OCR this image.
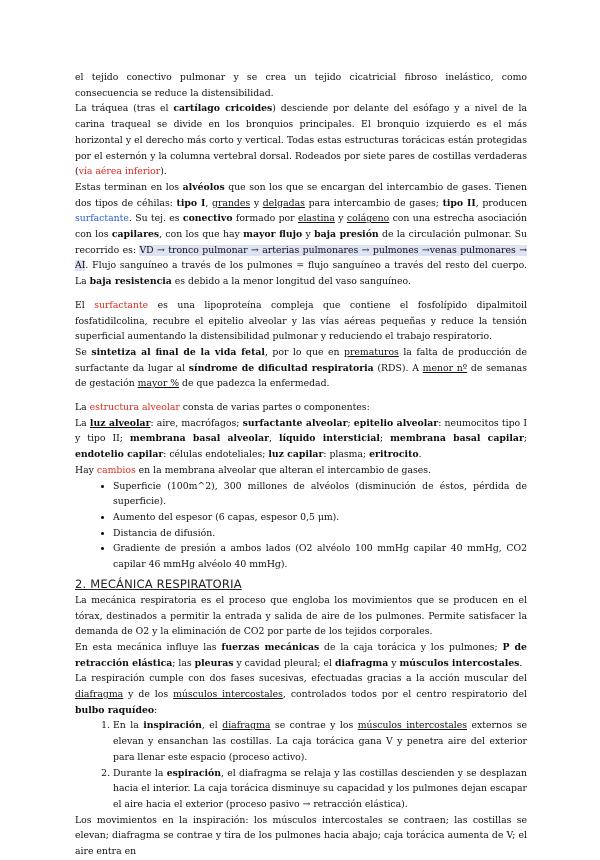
el tejido conectivo pulmonar y se crea un tejido cicatricial fibroso inelástico, como consecuencia se reduce la distensibilidad.

La tráquea (tras el cartílago cricoides) desciende por delante del esófago y a nivel de la carina traqueal se divide en los bronquios principales. El bronquio izquierdo es el más horizontal y el derecho más corto y vertical. Todas estas estructuras torácicas están protegidas por el esternón y la columna vertebral dorsal. Rodeados por siete pares de costillas verdaderas (vía aérea inferior).

Estas terminan en los alvéolos que son los que se encargan del intercambio de gases. Tienen dos tipos de céhilas: tipo I, grandes y delgadas para intercambio de gases; tipo II, producen surfactante. Su tej. es conectivo formado por elastina y colágeno con una estrecha asociación con los capilares, con los que hay mayor flujo y baja presión de la circulación pulmonar. Su recorrido es: VD → tronco pulmonar → arterias pulmonares → pulmones →venas pulmonares → AI. Flujo sanguíneo a través de los pulmones = flujo sanguíneo a través del resto del cuerpo. La baja resistencia es debido a la menor longitud del vaso sanguíneo.

El surfactante es una lipoproteína compleja que contiene el fosfolípido dipalmitoil fosfatidilcolina, recubre el epitelio alveolar y las vías aéreas pequeñas y reduce la tensión superficial aumentando la distensibilidad pulmonar y reduciendo el trabajo respiratorio.

Se sintetiza al final de la vida fetal, por lo que en prematuros la falta de producción de surfactante da lugar al síndrome de dificultad respiratoria (RDS). A menor nº de semanas de gestación mayor % de que padezca la enfermedad.

La estructura alveolar consta de varias partes o componentes:

La luz alveolar: aire, macrófagos; surfactante alveolar; epitelio alveolar: neumocitos tipo I y tipo II; membrana basal alveolar, líquido intersticial; membrana basal capilar; endotelio capilar: células endoteliales; luz capilar: plasma; eritrocito.

Hay cambios en la membrana alveolar que alteran el intercambio de gases.

• Superficie (100m^2), 300 millones de alvéolos (disminución de éstos, pérdida de superficie).
• Aumento del espesor (6 capas, espesor 0,5 μm).
• Distancia de difusión.
• Gradiente de presión a ambos lados (O2 alvéolo 100 mmHg capilar 40 mmHg, CO2 capilar 46 mmHg alvéolo 40 mmHg).
2. MECÁNICA RESPIRATORIA

La mecánica respiratoria es el proceso que engloba los movimientos que se producen en el tórax, destinados a permitir la entrada y salida de aire de los pulmones. Permite satisfacer la demanda de O2 y la eliminación de CO2 por parte de los tejidos corporales.

En esta mecánica influye las fuerzas mecánicas de la caja torácica y los pulmones; P de retracción elástica; las pleuras y cavidad pleural; el diafragma y músculos intercostales.

La respiración cumple con dos fases sucesivas, efectuadas gracias a la acción muscular del diafragma y de los músculos intercostales, controlados todos por el centro respiratorio del bulbo raquídeo:

1. En la inspiración, el diafragma se contrae y los músculos intercostales externos se elevan y ensanchan las costillas. La caja torácica gana V y penetra aire del exterior para llenar este espacio (proceso activo).
2. Durante la espiración, el diafragma se relaja y las costillas descienden y se desplazan hacia el interior. La caja torácica disminuye su capacidad y los pulmones dejan escapar el aire hacia el exterior (proceso pasivo → retracción elástica).

Los movimientos en la inspiración: los músculos intercostales se contraen; las costillas se elevan; diafragma se contrae y tira de los pulmones hacia abajo; caja torácica aumenta de V; el aire entra en
